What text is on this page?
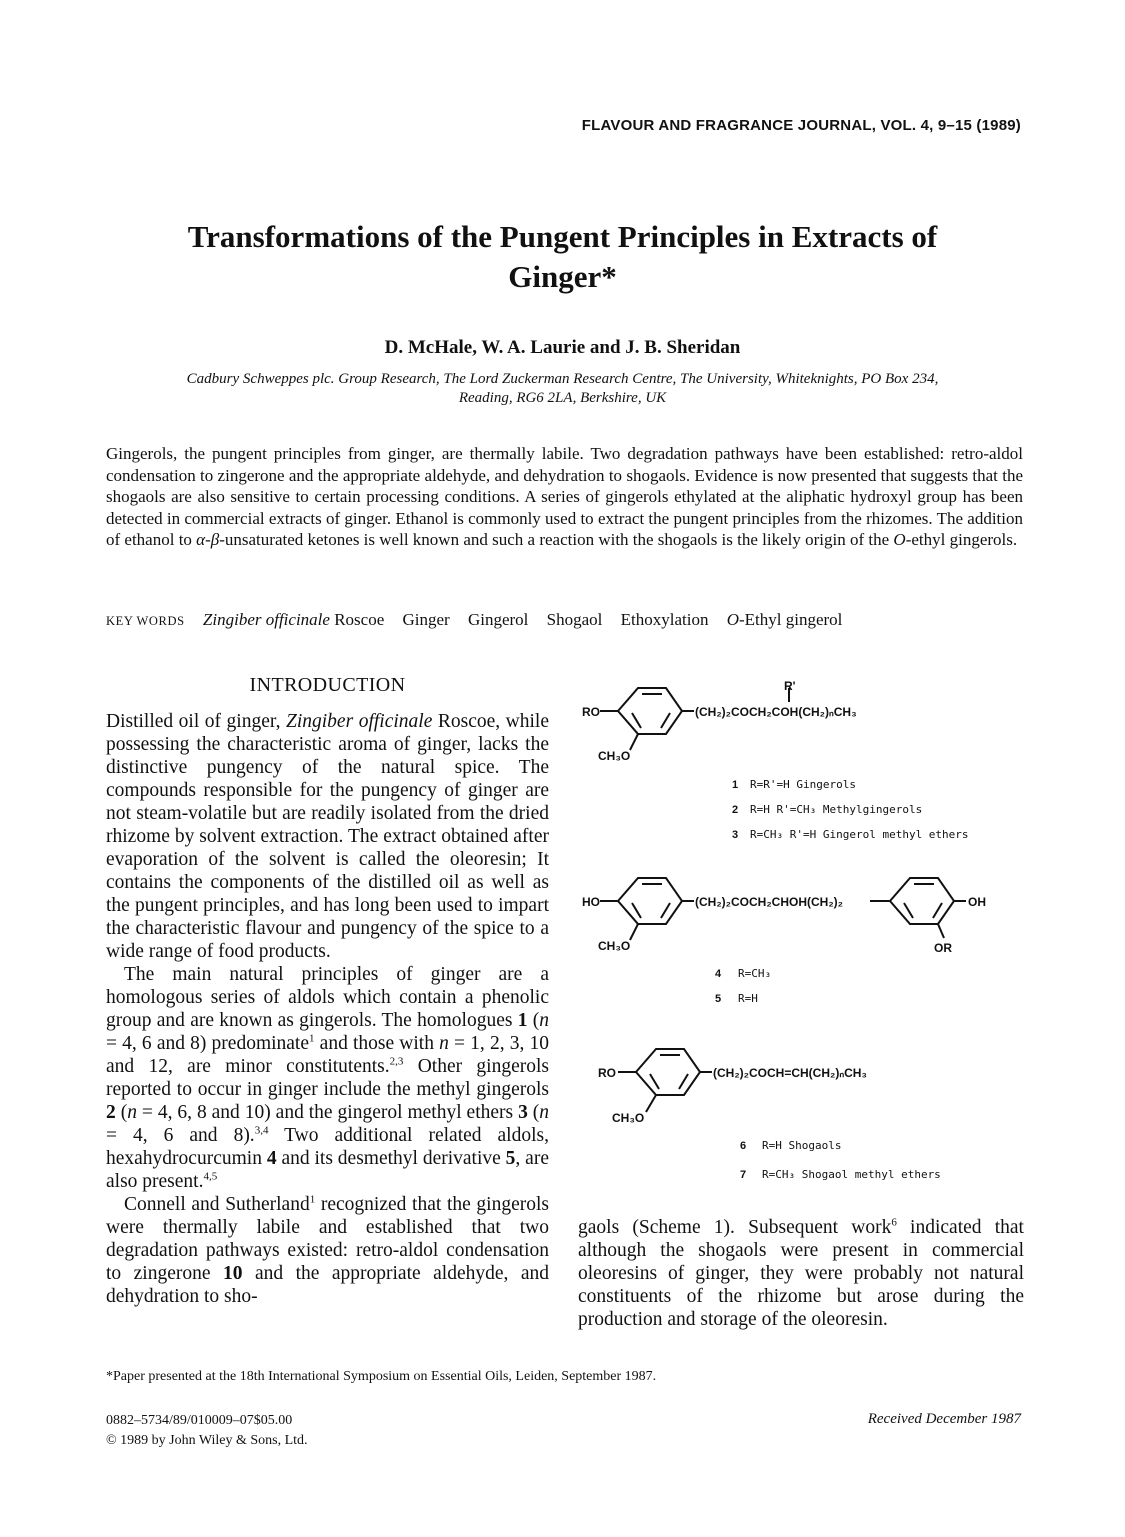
FLAVOUR AND FRAGRANCE JOURNAL, VOL. 4, 9–15 (1989)
Transformations of the Pungent Principles in Extracts of
Ginger*
D. McHale, W. A. Laurie and J. B. Sheridan
Cadbury Schweppes plc. Group Research, The Lord Zuckerman Research Centre, The University, Whiteknights, PO Box 234,
Reading, RG6 2LA, Berkshire, UK
Gingerols, the pungent principles from ginger, are thermally labile. Two degradation pathways have been established: retro-aldol condensation to zingerone and the appropriate aldehyde, and dehydration to shogaols. Evidence is now presented that suggests that the shogaols are also sensitive to certain processing conditions. A series of gingerols ethylated at the aliphatic hydroxyl group has been detected in commercial extracts of ginger. Ethanol is commonly used to extract the pungent principles from the rhizomes. The addition of ethanol to α-β-unsaturated ketones is well known and such a reaction with the shogaols is the likely origin of the O-ethyl gingerols.
KEY WORDS Zingiber officinale Roscoe Ginger Gingerol Shogaol Ethoxylation O-Ethyl gingerol
INTRODUCTION

Distilled oil of ginger, Zingiber officinale Roscoe, while possessing the characteristic aroma of ginger, lacks the distinctive pungency of the natural spice. The compounds responsible for the pungency of ginger are not steam-volatile but are readily isolated from the dried rhizome by solvent extraction. The extract obtained after evaporation of the solvent is called the oleoresin; It contains the components of the distilled oil as well as the pungent principles, and has long been used to impart the characteristic flavour and pungency of the spice to a wide range of food products.

The main natural principles of ginger are a homologous series of aldols which contain a phenolic group and are known as gingerols. The homologues 1 (n = 4, 6 and 8) predominate$^1$ and those with n = 1, 2, 3, 10 and 12, are minor constitutents.$^{2,3}$ Other gingerols reported to occur in ginger include the methyl gingerols 2 (n = 4, 6, 8 and 10) and the gingerol methyl ethers 3 (n = 4, 6 and 8).$^{3,4}$ Two additional related aldols, hexahydrocurcumin 4 and its desmethyl derivative 5, are also present.$^{4,5}$

Connell and Sutherland$^1$ recognized that the gingerols were thermally labile and established that two degradation pathways existed: retro-aldol condensation to zingerone 10 and the appropriate aldehyde, and dehydration to sho-

R'
RO	(CH₂)₂COCH₂COH(CH₂)ₙCH₃
CH₃O
1 R=R'=H Gingerols
2 R=H R'=CH₃ Methylgingerols
3 R=CH₃ R'=H Gingerol methyl ethers
HO	(CH₂)₂COCH₂CHOH(CH₂)₂	OH
OR
CH₃O
4 R=CH₃
5 R=H
RO	(CH₂)₂COCH=CH(CH₂)ₙCH₃
CH₃O
6 R=H Shogaols
7 R=CH₃ Shogaol methyl ethers

gaols (Scheme 1). Subsequent work$^6$ indicated that although the shogaols were present in commercial oleoresins of ginger, they were probably not natural constituents of the rhizome but arose during the production and storage of the oleoresin.

*Paper presented at the 18th International Symposium on Essential Oils, Leiden, September 1987.
0882–5734/89/010009–07$05.00
© 1989 by John Wiley & Sons, Ltd.
Received December 1987
